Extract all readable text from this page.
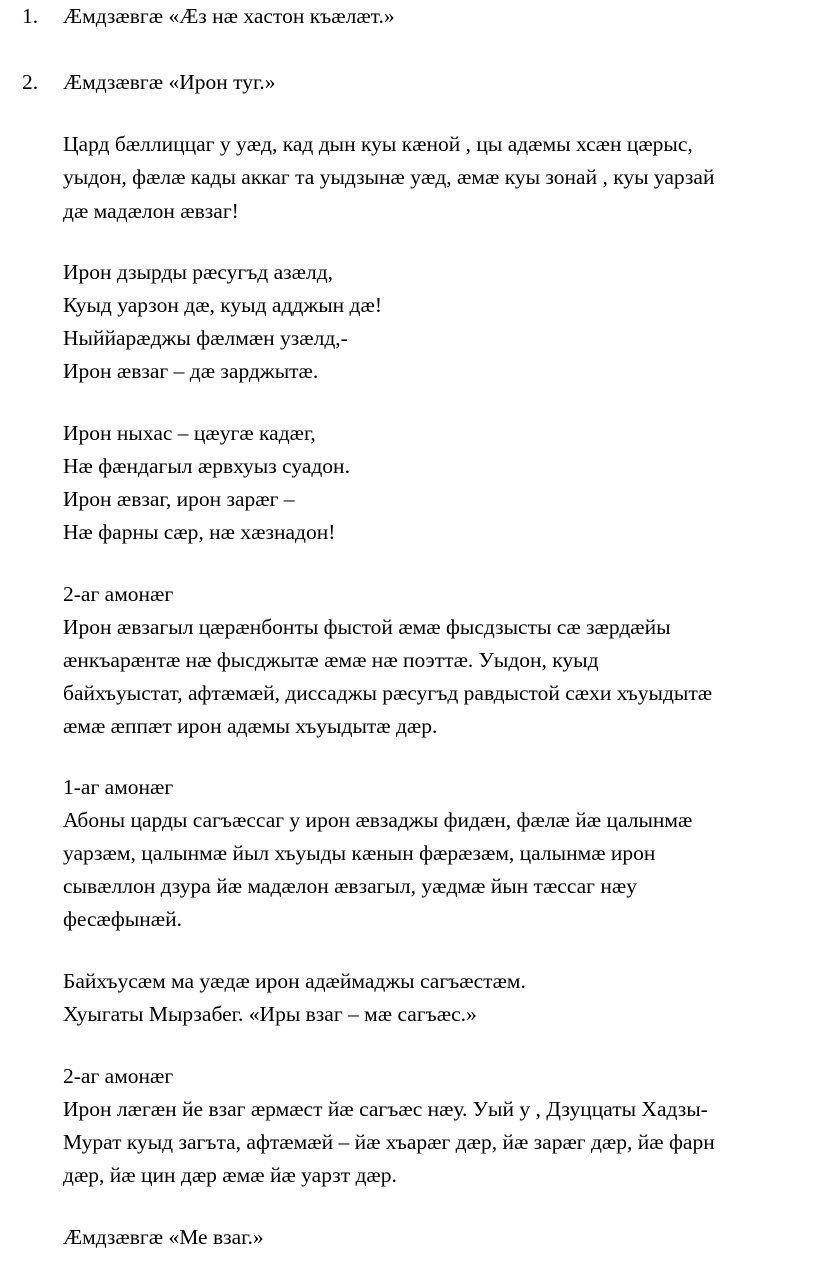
1. Æмдзæвгæ «Æз нæ хастон къæлæт.»
2. Æмдзæвгæ «Ирон туг.»
Цард бæллиццаг у уæд, кад дын куы кæной , цы адæмы хсæн цæрыс,
уыдон, фæлæ кады аккаг та уыдзынæ уæд, æмæ куы зонай , куы уарзай
дæ мадæлон æвзаг!
Ирон дзырды рæсугъд азæлд,
Куыд уарзон дæ, куыд адджын дæ!
Ныййарæджы фæлмæн узæлд,-
Ирон æвзаг – дæ зарджытæ.
Ирон ныхас – цæугæ кадæг,
Нæ фæндагыл æрвхуыз суадон.
Ирон æвзаг, ирон зарæг –
Нæ фарны сæр, нæ хæзнадон!
2-аг амонæг
Ирон æвзагыл цæрæнбонты фыстой æмæ фысдзысты сæ зæрдæйы
æнкъарæнтæ нæ фысджытæ æмæ нæ поэттæ. Уыдон, куыд
байхъуыстат, афтæмæй, диссаджы рæсугъд равдыстой сæхи хъуыдытæ
æмæ æппæт ирон адæмы хъуыдытæ дæр.
1-аг амонæг
Абоны царды сагъæссаг у ирон æвзаджы фидæн, фæлæ йæ цалынмæ
уарзæм, цалынмæ йыл хъуыды кæнын фæрæзæм, цалынмæ ирон
сывæллон дзура йæ мадæлон æвзагыл, уæдмæ йын тæссаг нæу
фесæфынæй.
Байхъусæм ма уæдæ ирон адæймаджы сагъæстæм.
Хуыгаты Мырзабег. «Иры взаг – мæ сагъæс.»
2-аг амонæг
Ирон лæгæн йе взаг æрмæст йæ сагъæс нæу. Уый у , Дзуццаты Хадзы-
Мурат куыд загъта, афтæмæй – йæ хъарæг дæр, йæ зарæг дæр, йæ фарн
дæр, йæ цин дæр æмæ йæ уарзт дæр.
Æмдзæвгæ «Ме взаг.»
